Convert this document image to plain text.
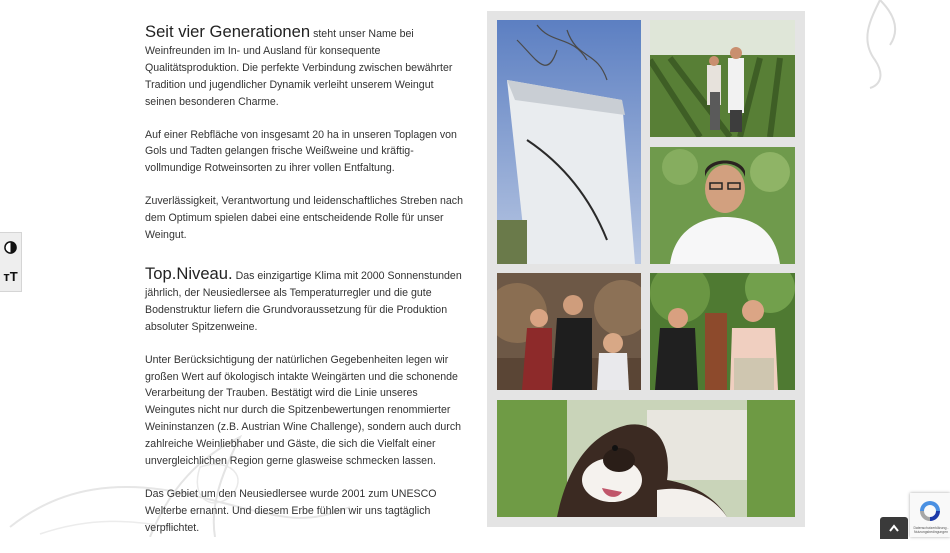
ᴛT

Seit vier Generationen steht unser Name bei Weinfreunden im In- und Ausland für konsequente Qualitätsproduktion. Die perfekte Verbindung zwischen bewährter Tradition und jugendlicher Dynamik verleiht unserem Weingut seinen besonderen Charme.

Auf einer Rebfläche von insgesamt 20 ha in unseren Toplagen von Gols und Tadten gelangen frische Weißweine und kräftig-vollmundige Rotweinsorten zu ihrer vollen Entfaltung.

Zuverlässigkeit, Verantwortung und leidenschaftliches Streben nach dem Optimum spielen dabei eine entscheidende Rolle für unser Weingut.

Top.Niveau. Das einzigartige Klima mit 2000 Sonnenstunden jährlich, der Neusiedlersee als Temperaturregler und die gute Bodenstruktur liefern die Grundvoraussetzung für die Produktion absoluter Spitzenweine.

Unter Berücksichtigung der natürlichen Gegebenheiten legen wir großen Wert auf ökologisch intakte Weingärten und die schonende Verarbeitung der Trauben. Bestätigt wird die Linie unseres Weingutes nicht nur durch die Spitzenbewertungen renommierter Weininstanzen (z.B. Austrian Wine Challenge), sondern auch durch zahlreiche Weinliebhaber und Gäste, die sich die Vielfalt einer unvergleichlichen Region gerne glasweise schmecken lassen.

Das Gebiet um den Neusiedlersee wurde 2001 zum UNESCO Welterbe ernannt. Und diesem Erbe fühlen wir uns tagtäglich verpflichtet.	Datenschutzerklärung - Nutzungsbedingungen
